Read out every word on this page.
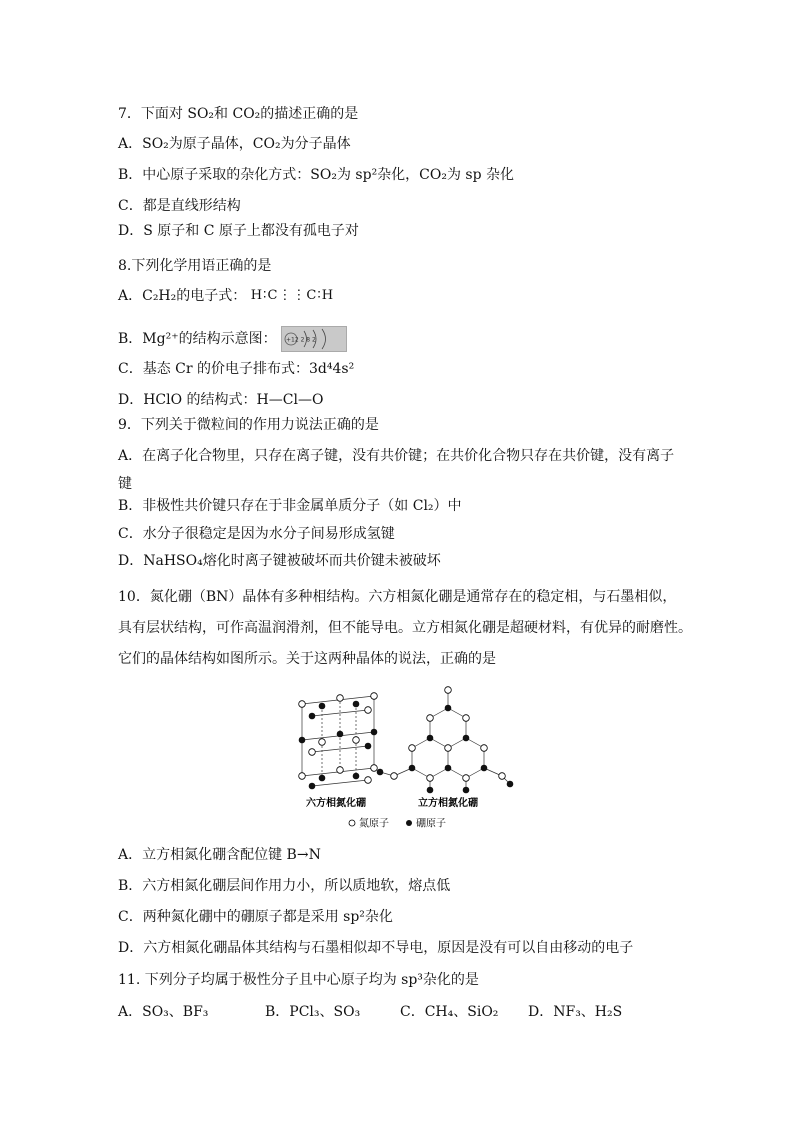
7．下面对 SO₂和 CO₂的描述正确的是
A．SO₂为原子晶体，CO₂为分子晶体
B．中心原子采取的杂化方式：SO₂为 sp²杂化，CO₂为 sp 杂化
C．都是直线形结构
D．S 原子和 C 原子上都没有孤电子对
8.下列化学用语正确的是
A．C₂H₂的电子式： H∶C⋮⋮C∶H
B．Mg²⁺的结构示意图： +12 2 8 2
C．基态 Cr 的价电子排布式：3d⁴4s²
D．HClO 的结构式：H—Cl—O
9．下列关于微粒间的作用力说法正确的是
A．在离子化合物里，只存在离子键，没有共价键；在共价化合物只存在共价键，没有离子键
B．非极性共价键只存在于非金属单质分子（如 Cl₂）中
C．水分子很稳定是因为水分子间易形成氢键
D．NaHSO₄熔化时离子键被破坏而共价键未被破坏
10．氮化硼（BN）晶体有多种相结构。六方相氮化硼是通常存在的稳定相，与石墨相似，
具有层状结构，可作高温润滑剂，但不能导电。立方相氮化硼是超硬材料，有优异的耐磨性。
它们的晶体结构如图所示。关于这两种晶体的说法，正确的是
六方相氮化硼	立方相氮化硼
氮原子	硼原子
A．立方相氮化硼含配位键 B→N
B．六方相氮化硼层间作用力小，所以质地软，熔点低
C．两种氮化硼中的硼原子都是采用 sp²杂化
D．六方相氮化硼晶体其结构与石墨相似却不导电，原因是没有可以自由移动的电子
11. 下列分子均属于极性分子且中心原子均为 sp³杂化的是
A．SO₃、BF₃	B．PCl₃、SO₃	C．CH₄、SiO₂ D．NF₃、H₂S
